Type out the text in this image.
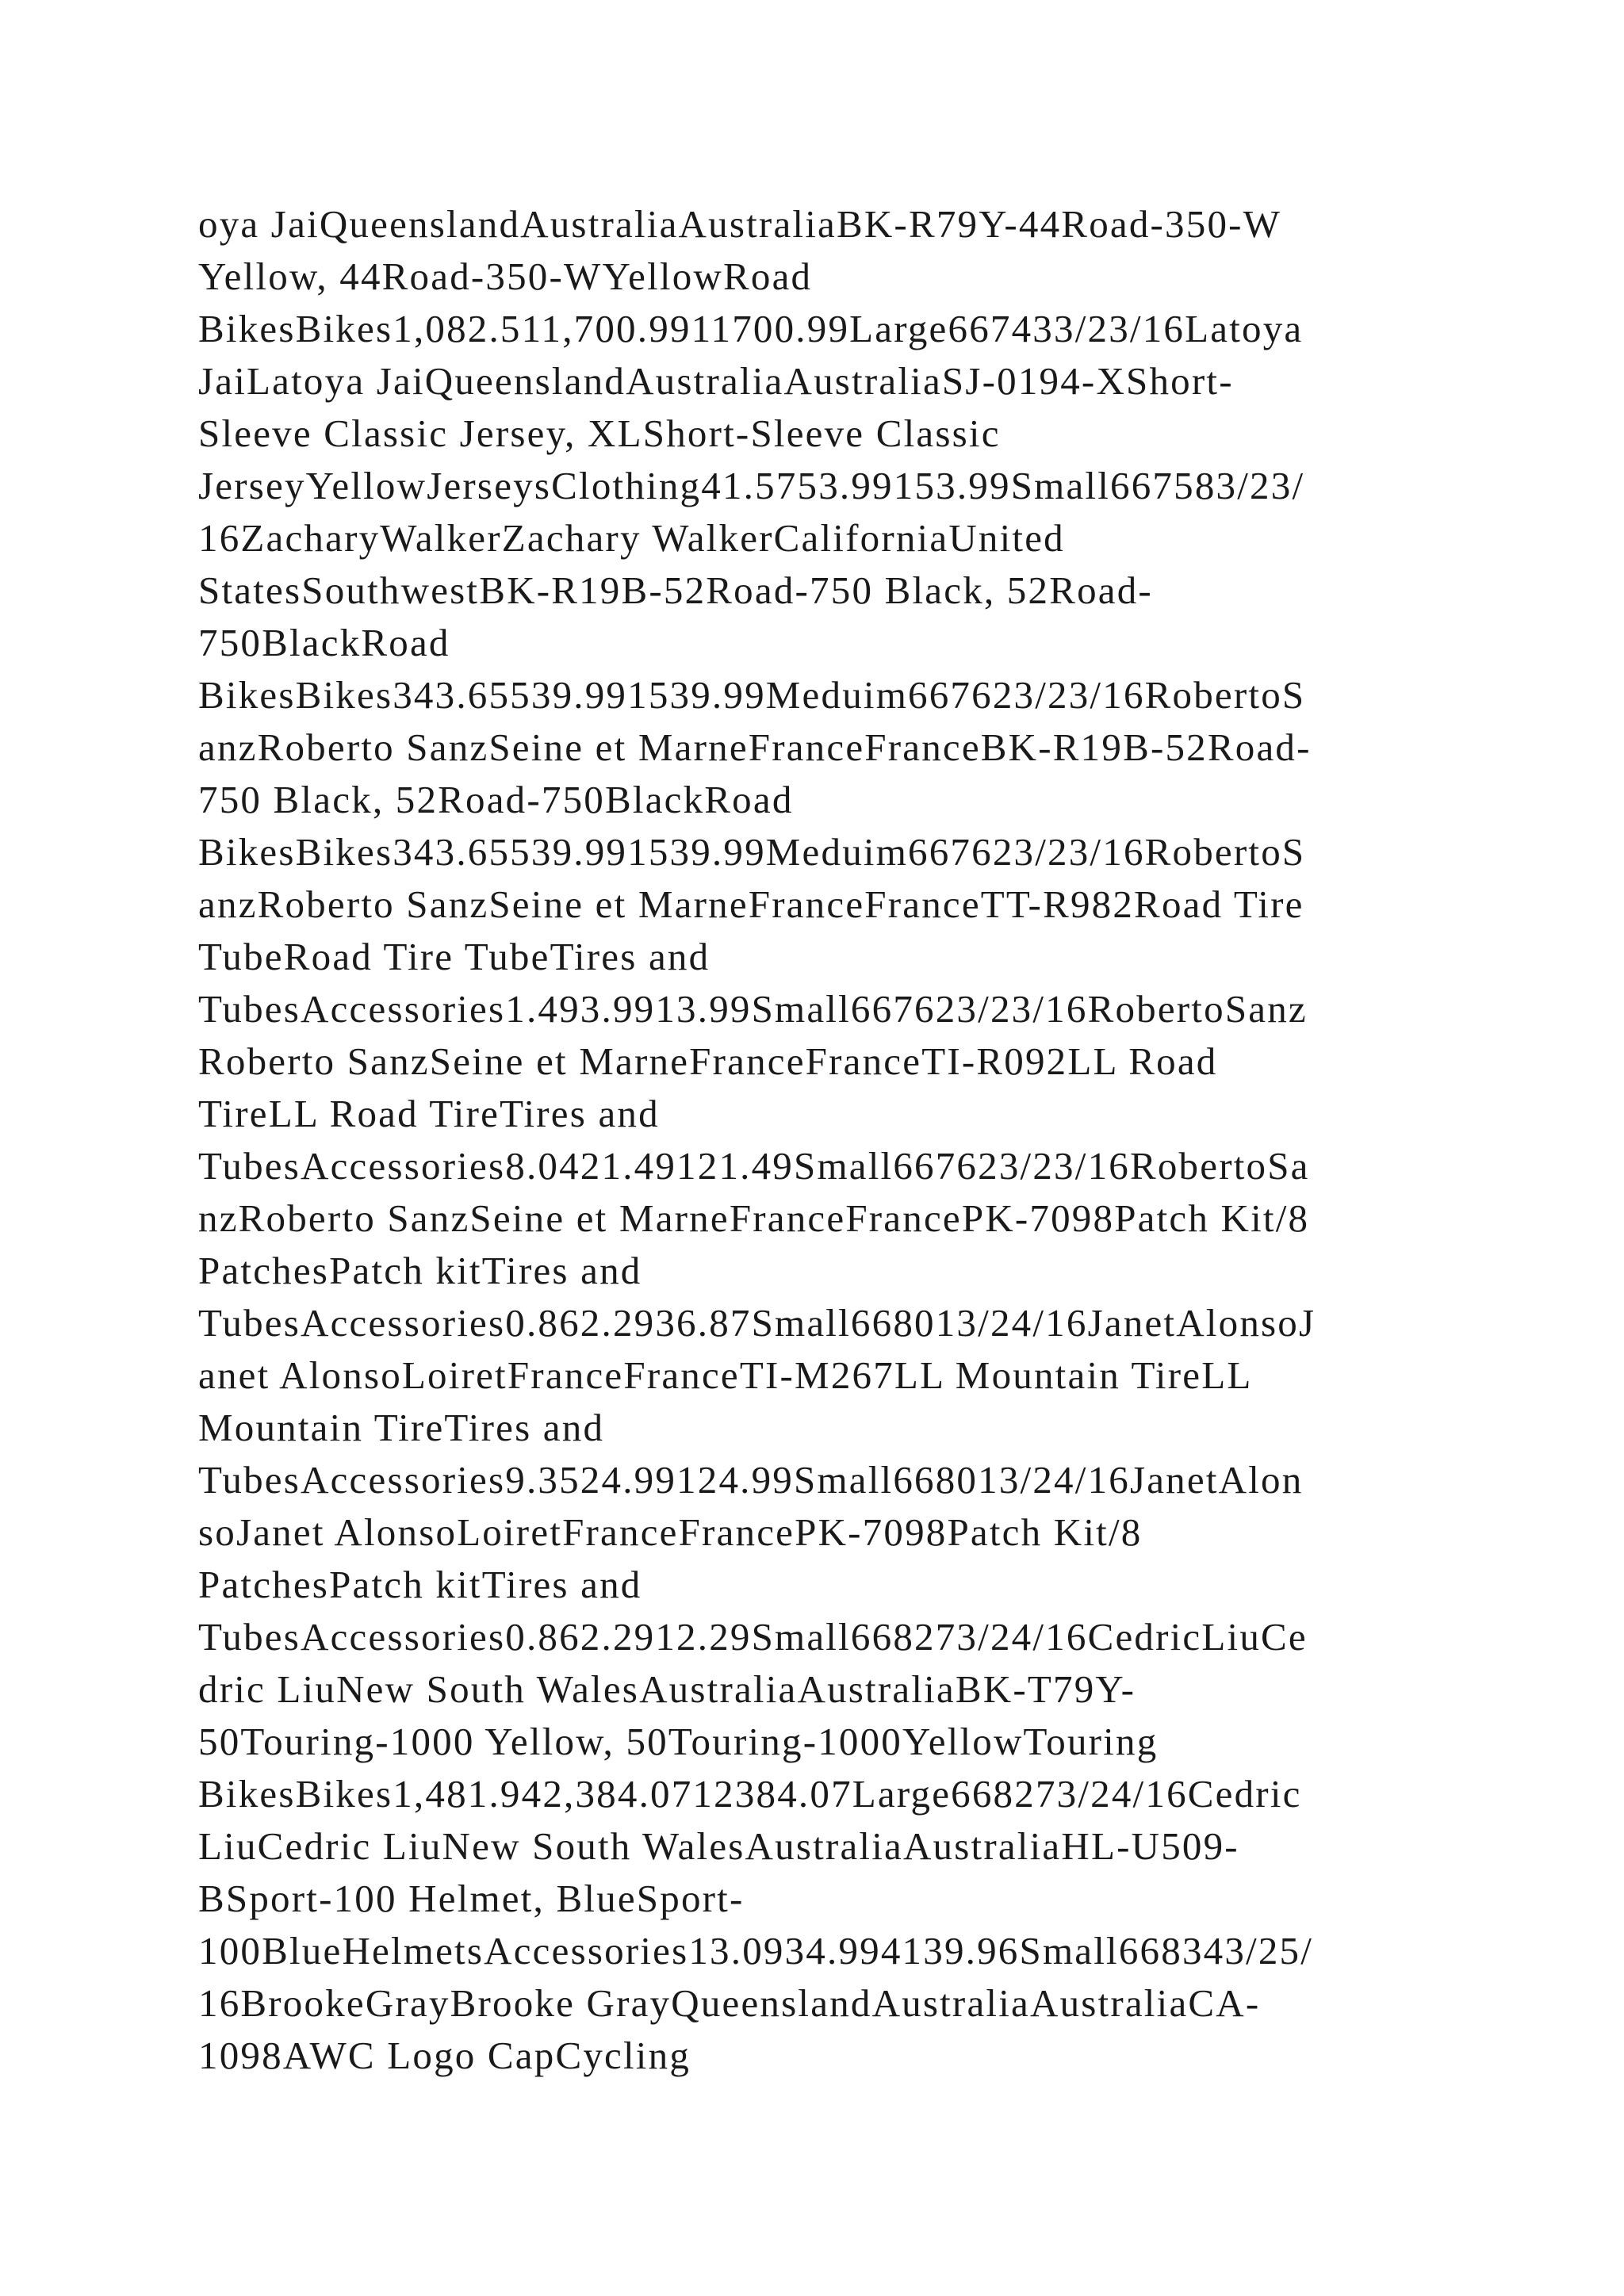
oya JaiQueenslandAustraliaAustraliaBK-R79Y-44Road-350-W
Yellow, 44Road-350-WYellowRoad
BikesBikes1,082.511,700.9911700.99Large667433/23/16Latoya
JaiLatoya JaiQueenslandAustraliaAustraliaSJ-0194-XShort-
Sleeve Classic Jersey, XLShort-Sleeve Classic
JerseyYellowJerseysClothing41.5753.99153.99Small667583/23/
16ZacharyWalkerZachary WalkerCaliforniaUnited
StatesSouthwestBK-R19B-52Road-750 Black, 52Road-
750BlackRoad
BikesBikes343.65539.991539.99Meduim667623/23/16RobertoS
anzRoberto SanzSeine et MarneFranceFranceBK-R19B-52Road-
750 Black, 52Road-750BlackRoad
BikesBikes343.65539.991539.99Meduim667623/23/16RobertoS
anzRoberto SanzSeine et MarneFranceFranceTT-R982Road Tire
TubeRoad Tire TubeTires and
TubesAccessories1.493.9913.99Small667623/23/16RobertoSanz
Roberto SanzSeine et MarneFranceFranceTI-R092LL Road
TireLL Road TireTires and
TubesAccessories8.0421.49121.49Small667623/23/16RobertoSa
nzRoberto SanzSeine et MarneFranceFrancePK-7098Patch Kit/8
PatchesPatch kitTires and
TubesAccessories0.862.2936.87Small668013/24/16JanetAlonsoJ
anet AlonsoLoiretFranceFranceTI-M267LL Mountain TireLL
Mountain TireTires and
TubesAccessories9.3524.99124.99Small668013/24/16JanetAlon
soJanet AlonsoLoiretFranceFrancePK-7098Patch Kit/8
PatchesPatch kitTires and
TubesAccessories0.862.2912.29Small668273/24/16CedricLiuCe
dric LiuNew South WalesAustraliaAustraliaBK-T79Y-
50Touring-1000 Yellow, 50Touring-1000YellowTouring
BikesBikes1,481.942,384.0712384.07Large668273/24/16Cedric
LiuCedric LiuNew South WalesAustraliaAustraliaHL-U509-
BSport-100 Helmet, BlueSport-
100BlueHelmetsAccessories13.0934.994139.96Small668343/25/
16BrookeGrayBrooke GrayQueenslandAustraliaAustraliaCA-
1098AWC Logo CapCycling
